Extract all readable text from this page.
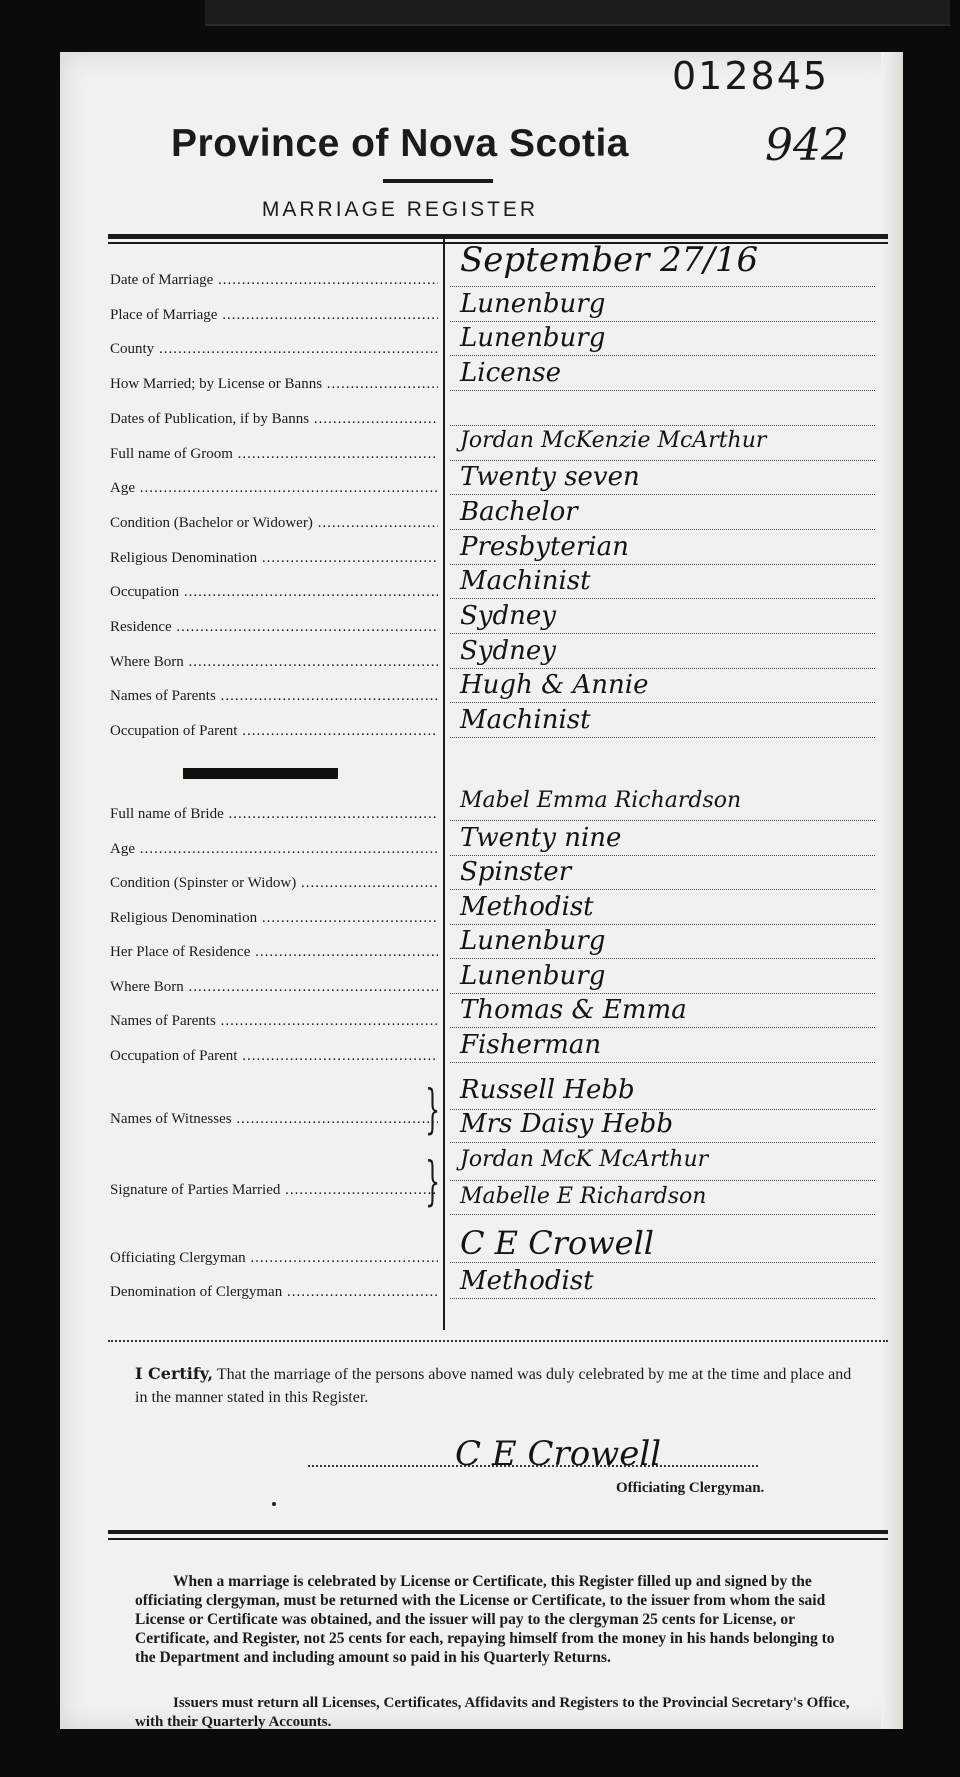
012845
942
Province of Nova Scotia
MARRIAGE REGISTER
Date of Marriage .....	September 27/16
Place of Marriage .....	Lunenburg
County .....	Lunenburg
How Married; by License or Banns .....	License
Dates of Publication, if by Banns .....
Full name of Groom .....
Jordan McKenzie McArthur
Age .....	Twenty seven
Condition (Bachelor or Widower) .....	Bachelor
Religious Denomination .....	Presbyterian
Occupation .....	Machinist
Residence .....	Sydney
Where Born .....	Sydney
Names of Parents .....	Hugh & Annie
Occupation of Parent .....	Machinist
Full name of Bride .....
Mabel Emma Richardson
Age .....	Twenty nine
Condition (Spinster or Widow) .....	Spinster
Religious Denomination .....	Methodist
Her Place of Residence .....	Lunenburg
Where Born .....	Lunenburg
Names of Parents .....	Thomas & Emma
Occupation of Parent .....	Fisherman
Names of Witnesses .....	} Russell Hebb
Mrs Daisy Hebb
Signature of Parties Married .....	} Jordan McK McArthur
Mabelle E Richardson
Officiating Clergyman .....	C E Crowell
Denomination of Clergyman .....	Methodist
I Certify, That the marriage of the persons above named was duly celebrated by me at the time and place and in the manner stated in this Register.
C E Crowell
Officiating Clergyman.
When a marriage is celebrated by License or Certificate, this Register filled up and signed by the officiating clergyman, must be returned with the License or Certificate, to the issuer from whom the said License or Certificate was obtained, and the issuer will pay to the clergyman 25 cents for License, or Certificate, and Register, not 25 cents for each, repaying himself from the money in his hands belonging to the Department and including amount so paid in his Quarterly Returns.
Issuers must return all Licenses, Certificates, Affidavits and Registers to the Provincial Secretary's Office, with their Quarterly Accounts.
